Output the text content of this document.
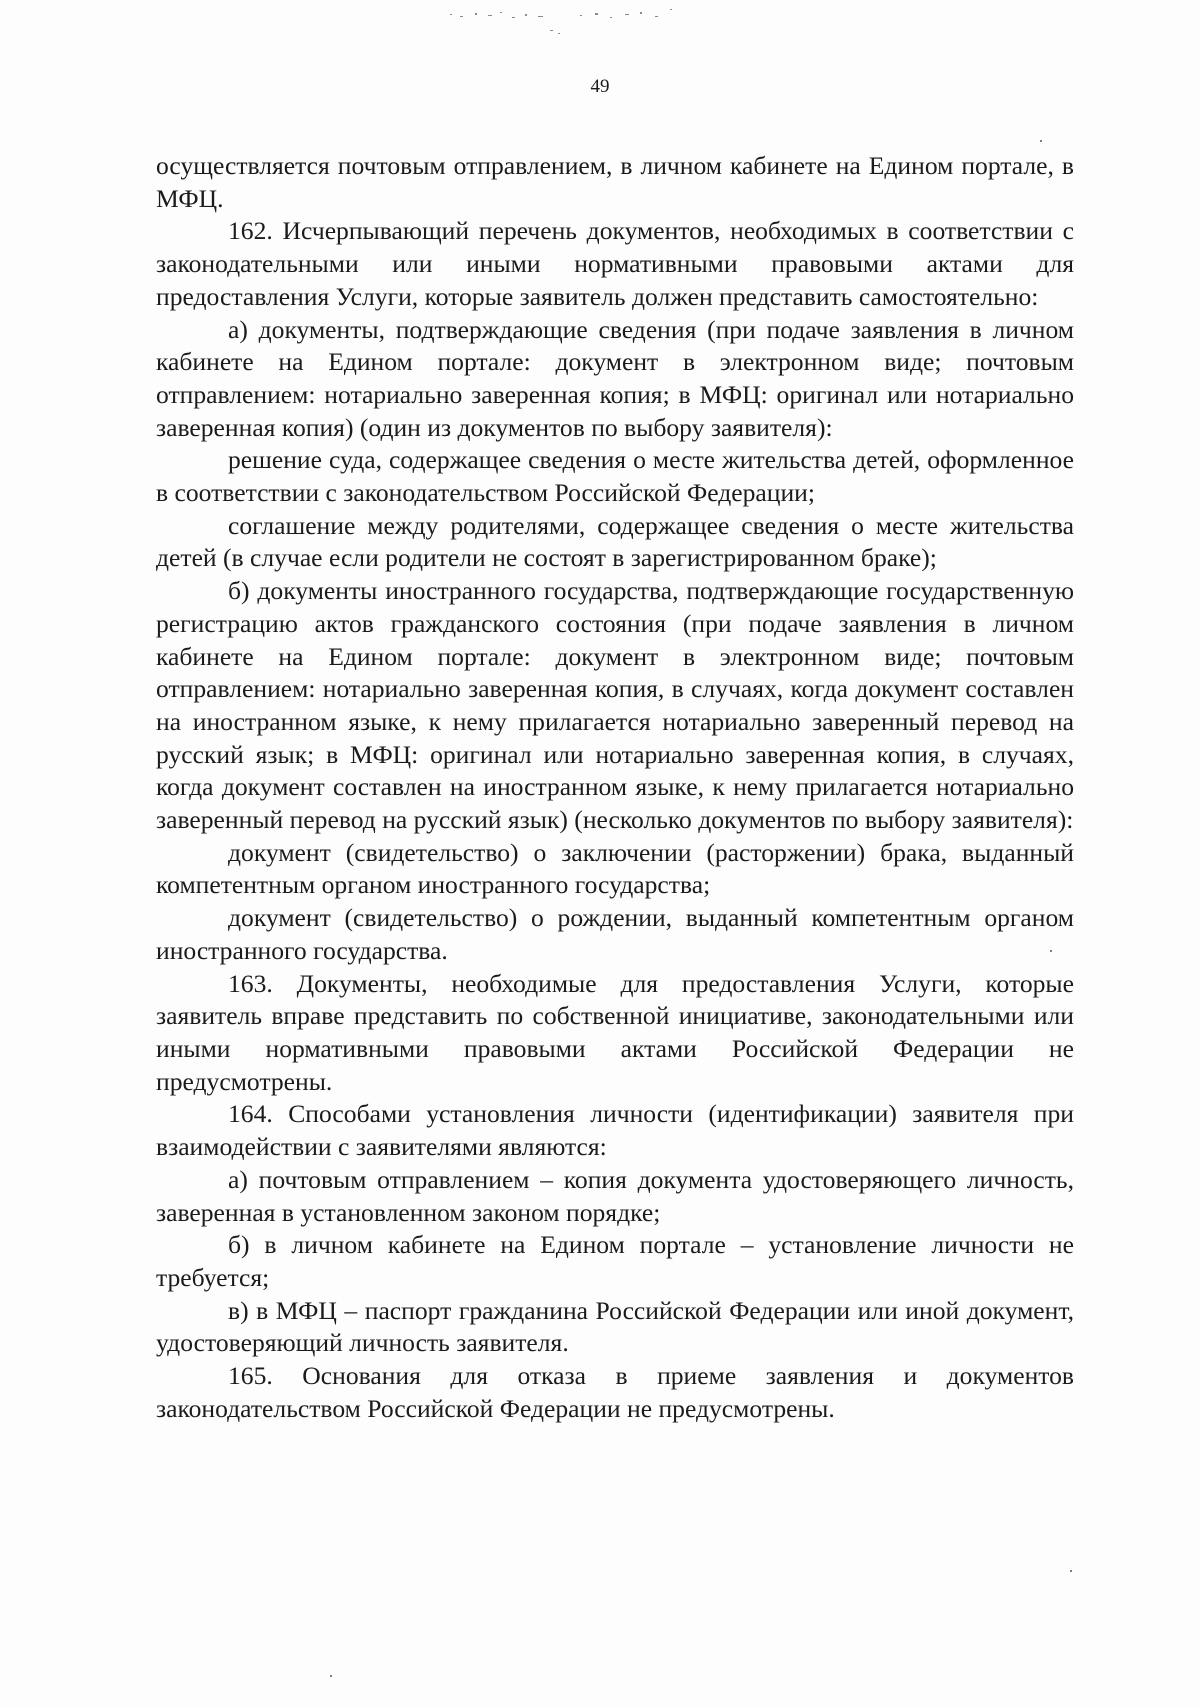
49

осуществляется почтовым отправлением, в личном кабинете на Едином портале, в МФЦ.

162. Исчерпывающий перечень документов, необходимых в соответствии с законодательными или иными нормативными правовыми актами для предоставления Услуги, которые заявитель должен представить самостоятельно:

а) документы, подтверждающие сведения (при подаче заявления в личном кабинете на Едином портале: документ в электронном виде; почтовым отправлением: нотариально заверенная копия; в МФЦ: оригинал или нотариально заверенная копия) (один из документов по выбору заявителя):

решение суда, содержащее сведения о месте жительства детей, оформленное в соответствии с законодательством Российской Федерации;

соглашение между родителями, содержащее сведения о месте жительства детей (в случае если родители не состоят в зарегистрированном браке);

б) документы иностранного государства, подтверждающие государственную регистрацию актов гражданского состояния (при подаче заявления в личном кабинете на Едином портале: документ в электронном виде; почтовым отправлением: нотариально заверенная копия, в случаях, когда документ составлен на иностранном языке, к нему прилагается нотариально заверенный перевод на русский язык; в МФЦ: оригинал или нотариально заверенная копия, в случаях, когда документ составлен на иностранном языке, к нему прилагается нотариально заверенный перевод на русский язык) (несколько документов по выбору заявителя):

документ (свидетельство) о заключении (расторжении) брака, выданный компетентным органом иностранного государства;

документ (свидетельство) о рождении, выданный компетентным органом иностранного государства.

163. Документы, необходимые для предоставления Услуги, которые заявитель вправе представить по собственной инициативе, законодательными или иными нормативными правовыми актами Российской Федерации не предусмотрены.

164. Способами установления личности (идентификации) заявителя при взаимодействии с заявителями являются:

а) почтовым отправлением – копия документа удостоверяющего личность, заверенная в установленном законом порядке;

б) в личном кабинете на Едином портале – установление личности не требуется;

в) в МФЦ – паспорт гражданина Российской Федерации или иной документ, удостоверяющий личность заявителя.

165. Основания для отказа в приеме заявления и документов законодательством Российской Федерации не предусмотрены.
